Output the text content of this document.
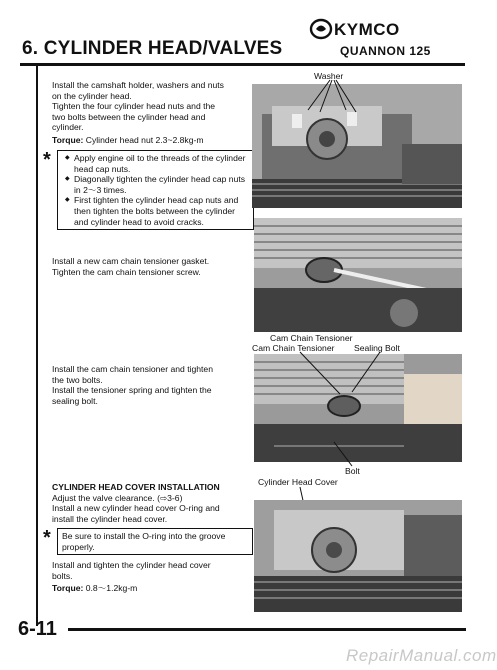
KYMCO
6. CYLINDER HEAD/VALVES	QUANNON 125

Install the camshaft holder, washers and nuts

on the cylinder head.

Tighten the four cylinder head nuts and the

two bolts between the cylinder head and

cylinder.

Torque: Cylinder head nut 2.3~2.8kg-m

*
◆	Apply engine oil to the threads of the cylinder head cap nuts.
◆ Diagonally tighten the cylinder head cap nuts in 2～3 times.
◆ First tighten the cylinder head cap nuts and then tighten the bolts between the cylinder and cylinder head to avoid cracks.

Install a new cam chain tensioner gasket.

Tighten the cam chain tensioner screw.

Install the cam chain tensioner and tighten

the two bolts.

Install the tensioner spring and tighten the

sealing bolt.

CYLINDER HEAD COVER INSTALLATION

Adjust the valve clearance. (⇨3-6)

Install a new cylinder head cover O-ring and

install the cylinder head cover.

* Be sure to install the O-ring into the groove properly.

Install and tighten the cylinder head cover

bolts.

Torque: 0.8～1.2kg-m

Washer
Cam Chain Tensioner
Cam Chain Tensioner Sealing Bolt
Bolt
Cylinder Head Cover
6-11
RepairManual.com
